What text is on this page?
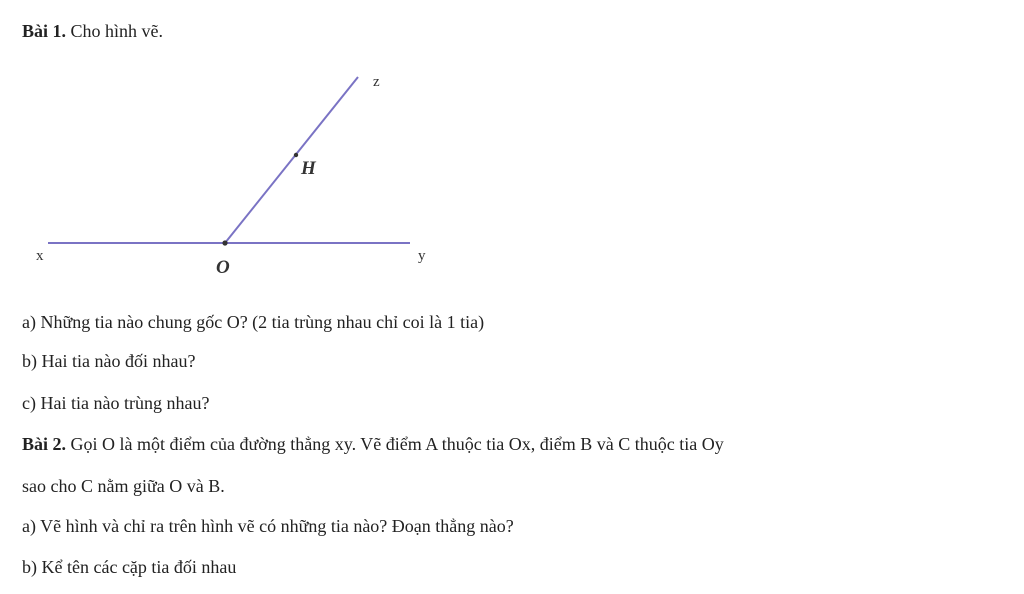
Bài 1. Cho hình vẽ.
z
H
x
O
y
a) Những tia nào chung gốc O? (2 tia trùng nhau chỉ coi là 1 tia)
b) Hai tia nào đối nhau?
c) Hai tia nào trùng nhau?
Bài 2. Gọi O là một điểm của đường thẳng xy. Vẽ điểm A thuộc tia Ox, điểm B và C thuộc tia Oy
sao cho C nằm giữa O và B.
a) Vẽ hình và chỉ ra trên hình vẽ có những tia nào? Đoạn thẳng nào?
b) Kể tên các cặp tia đối nhau
